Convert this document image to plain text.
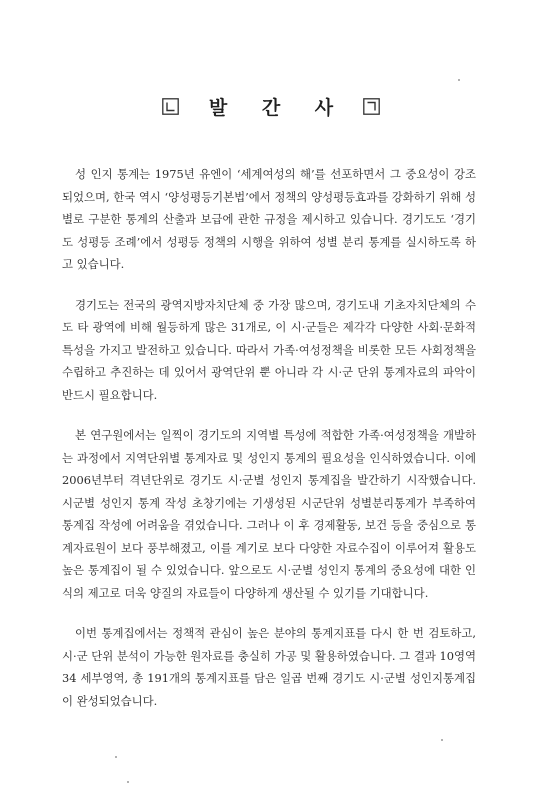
발 간 사

성 인지 통계는 1975년 유엔이 ‘세계여성의 해’를 선포하면서 그 중요성이 강조되었으며, 한국 역시 ‘양성평등기본법’에서 정책의 양성평등효과를 강화하기 위해 성별로 구분한 통계의 산출과 보급에 관한 규정을 제시하고 있습니다. 경기도도 ‘경기도 성평등 조례’에서 성평등 정책의 시행을 위하여 성별 분리 통계를 실시하도록 하고 있습니다.

경기도는 전국의 광역지방자치단체 중 가장 많으며, 경기도내 기초자치단체의 수도 타 광역에 비해 월등하게 많은 31개로, 이 시·군들은 제각각 다양한 사회·문화적 특성을 가지고 발전하고 있습니다. 따라서 가족·여성정책을 비롯한 모든 사회정책을 수립하고 추진하는 데 있어서 광역단위 뿐 아니라 각 시·군 단위 통계자료의 파악이 반드시 필요합니다.

본 연구원에서는 일찍이 경기도의 지역별 특성에 적합한 가족·여성정책을 개발하는 과정에서 지역단위별 통계자료 및 성인지 통계의 필요성을 인식하였습니다. 이에 2006년부터 격년단위로 경기도 시·군별 성인지 통계집을 발간하기 시작했습니다. 시군별 성인지 통계 작성 초창기에는 기생성된 시군단위 성별분리통계가 부족하여 통계집 작성에 어려움을 겪었습니다. 그러나 이 후 경제활동, 보건 등을 중심으로 통계자료원이 보다 풍부해졌고, 이를 계기로 보다 다양한 자료수집이 이루어져 활용도 높은 통계집이 될 수 있었습니다. 앞으로도 시·군별 성인지 통계의 중요성에 대한 인식의 제고로 더욱 양질의 자료들이 다양하게 생산될 수 있기를 기대합니다.

이번 통계집에서는 정책적 관심이 높은 분야의 통계지표를 다시 한 번 검토하고, 시·군 단위 분석이 가능한 원자료를 충실히 가공 및 활용하였습니다. 그 결과 10영역 34 세부영역, 총 191개의 통계지표를 담은 일곱 번째 경기도 시·군별 성인지통계집이 완성되었습니다.
